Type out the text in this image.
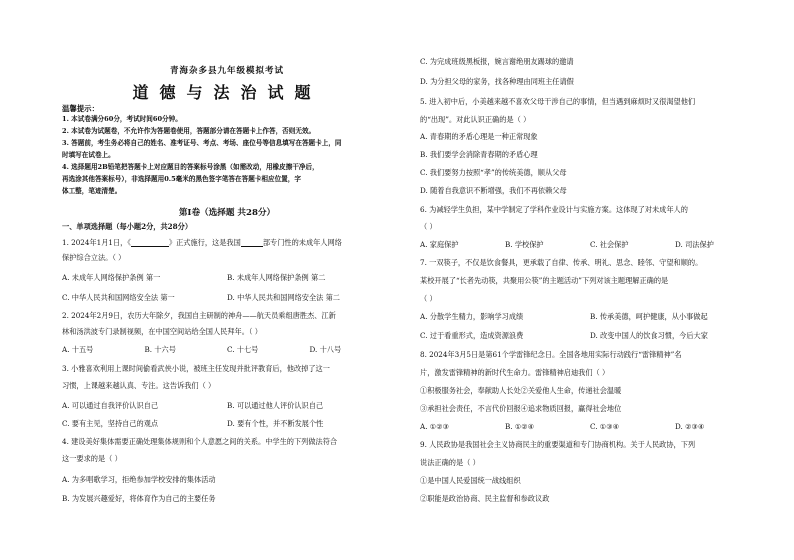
青海杂多县九年级模拟考试
道德与法治试题
温馨提示：
1. 本试卷满分60分，考试时间60分钟。
2. 本试卷为试题卷，不允许作为答题卷使用，答题部分请在答题卡上作答，否则无效。
3. 答题前，考生务必将自己的姓名、准考证号、考点、考场、座位号等信息填写在答题卡上，同
时填写在试卷上。
4. 选择题用2B铅笔把答题卡上对应题目的答案标号涂黑（如需改动，用橡皮擦干净后，
再选涂其他答案标号），非选择题用0.5毫米的黑色签字笔答在答题卡相应位置，字
体工整，笔迹清楚。
第Ⅰ卷（选择题 共28分）
一、单项选择题（每小题2分，共28分）
1. 2024年1月1日，《	》正式施行，这是我国	部专门性的未成年人网络
保护综合立法。（ ）
A. 未成年人网络保护条例 第一	B. 未成年人网络保护条例 第二
C. 中华人民共和国网络安全法 第一	D. 中华人民共和国网络安全法 第二
2. 2024年2月9日，农历大年除夕，我国自主研制的神舟——航天员乘组唐胜杰、江新
林和汤洪波专门录制视频，在中国空间站给全国人民拜年。（ ）
A. 十五号	B. 十六号	C. 十七号	D. 十八号
3. 小雅喜欢利用上课时间偷看武侠小说，被班主任发现并批评教育后，他改掉了这一
习惯，上课越来越认真、专注。这告诉我们（ ）
A. 可以通过自我评价认识自己	B. 可以通过他人评价认识自己
C. 要有主见，坚持自己的观点	D. 要有个性，并不断发展个性
4. 建设美好集体需要正确处理集体规则和个人意愿之间的关系。中学生的下列做法符合
这一要求的是（ ）
A. 为多唱歌学习，拒绝参加学校安排的集体活动
B. 为发展兴趣爱好，将体育作为自己的主要任务
C. 为完成班级黑板报，婉言谢绝朋友踢球的邀请
D. 为分担父母的家务，找各种理由同班主任请假
5. 进入初中后，小美越来越不喜欢父母干涉自己的事情，但当遇到麻烦时又很渴望他们
的“出现”。对此认识正确的是（ ）
A. 青春期的矛盾心理是一种正常现象
B. 我们要学会消除青春期的矛盾心理
C. 我们要努力按照“孝”的传统美德，顺从父母
D. 随着自我意识不断增强，我们不再依赖父母
6. 为减轻学生负担，某中学制定了学科作业设计与实施方案。这体现了对未成年人的
（ ）
A. 家庭保护	B. 学校保护	C. 社会保护	D. 司法保护
7. 一双筷子，不仅是饮食餐具，更承载了自律、传承、明礼、思念、睦邻、守望和顺的。
某校开展了“长者先动筷，共聚用公筷”的主题活动”下列对该主题理解正确的是
（ ）
A. 分散学生精力，影响学习成绩	B. 传承美德，呵护健康，从小事做起
C. 过于看重形式，造成资源浪费	D. 改变中国人的饮食习惯，今后大家
8. 2024年3月5日是第61个学雷锋纪念日。全国各地用实际行动践行“雷锋精神”名
片，激发雷锋精神的新时代生命力。雷锋精神启迪我们（ ）
①积极服务社会，奉献助人长处②关爱他人生命，传递社会温暖
③承担社会责任，不言代价回报④追求物质回报，赢得社会地位
A. ①②③	B. ①②④	C. ①③④	D. ②③④
9. 人民政协是我国社会主义协商民主的重要渠道和专门协商机构。关于人民政协，下列
说法正确的是（ ）
①是中国人民爱国统一战线组织
②职能是政治协商、民主监督和参政议政
